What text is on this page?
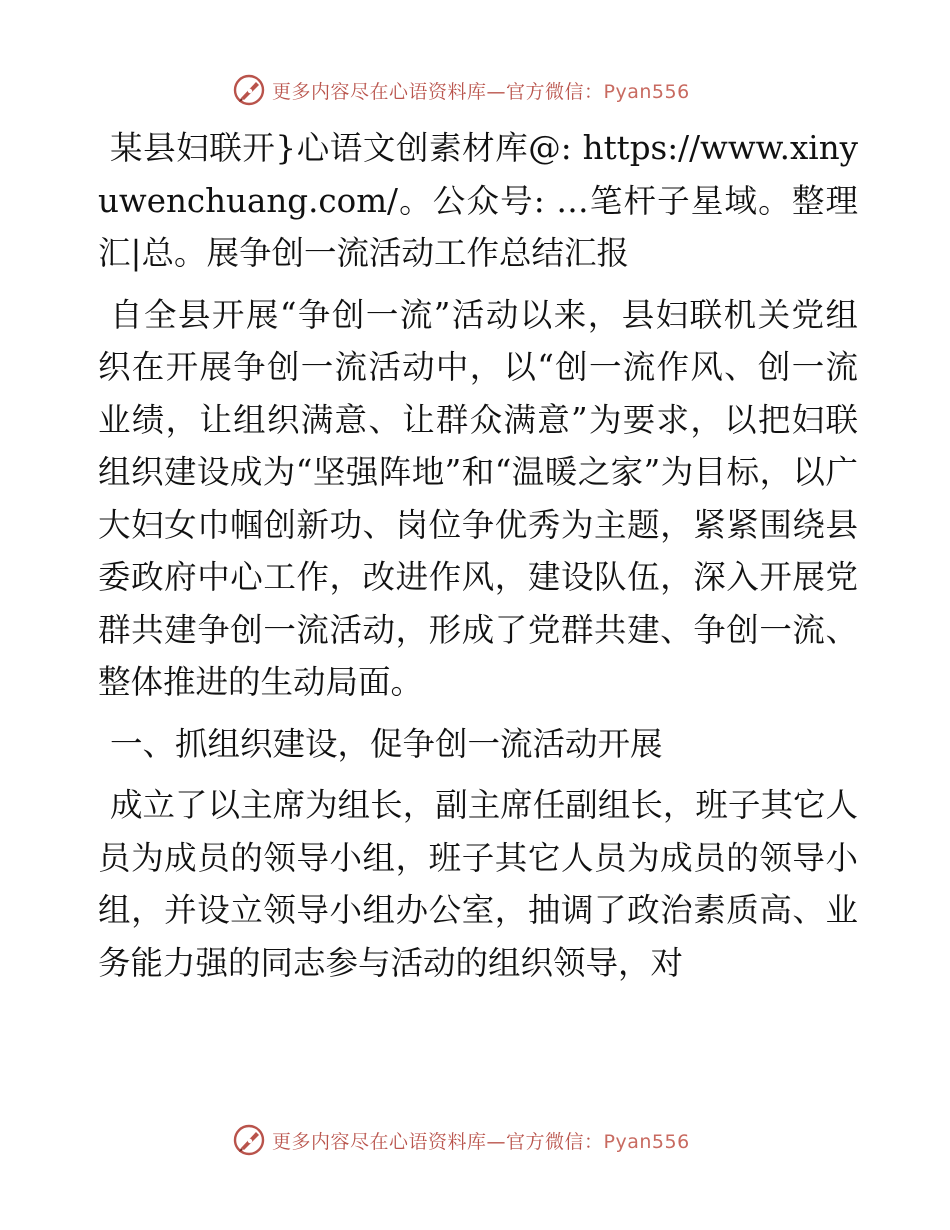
更多内容尽在心语资料库—官方微信：Pyan556

某县妇联开}心语文创素材库@: https://www.xinyuwenchuang.com/。公众号: …笔杆子星域。整理汇|总。展争创一流活动工作总结汇报

自全县开展“争创一流”活动以来，县妇联机关党组织在开展争创一流活动中，以“创一流作风、创一流业绩，让组织满意、让群众满意”为要求，以把妇联组织建设成为“坚强阵地”和“温暖之家”为目标，以广大妇女巾帼创新功、岗位争优秀为主题，紧紧围绕县委政府中心工作，改进作风，建设队伍，深入开展党群共建争创一流活动，形成了党群共建、争创一流、整体推进的生动局面。

一、抓组织建设，促争创一流活动开展

成立了以主席为组长，副主席任副组长，班子其它人员为成员的领导小组，班子其它人员为成员的领导小组，并设立领导小组办公室，抽调了政治素质高、业务能力强的同志参与活动的组织领导，对

更多内容尽在心语资料库—官方微信：Pyan556
